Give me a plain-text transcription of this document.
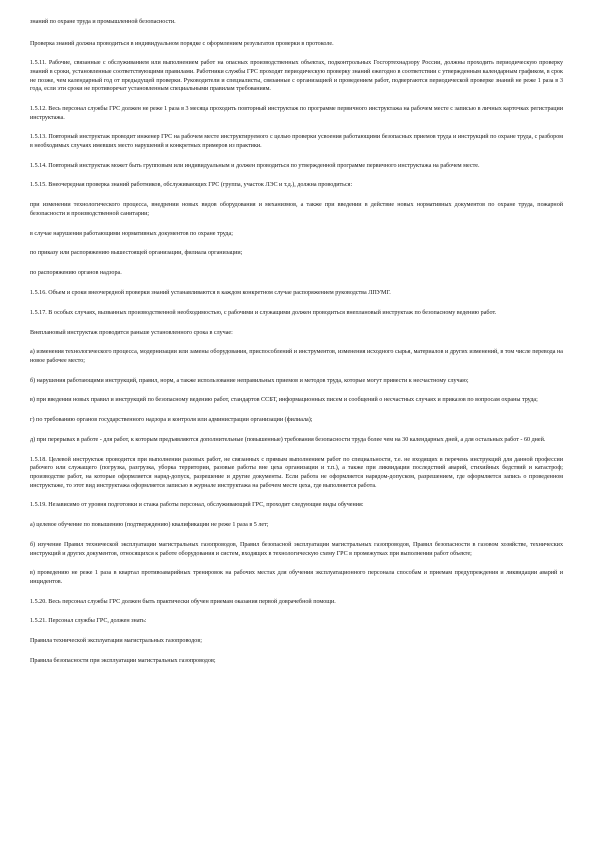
знаний по охране труда и промышленной безопасности.

Проверка знаний должна проводиться в индивидуальном порядке с оформлением результатов проверки в протоколе.

1.5.11. Рабочие, связанные с обслуживанием или выполнением работ на опасных производственных объектах, подконтрольных Госгортехнадзору России, должны проходить периодическую проверку знаний в сроки, установленные соответствующими правилами. Работники службы ГРС проходят периодическую проверку знаний ежегодно в соответствии с утвержденным календарным графиком, в срок не позже, чем календарный год от предыдущей проверки. Руководители и специалисты, связанные с организацией и проведением работ, подвергаются периодической проверке знаний не реже 1 раза в 3 года, если эти сроки не противоречат установленным специальными правилам требованиям.

1.5.12. Весь персонал службы ГРС должен не реже 1 раза в 3 месяца проходить повторный инструктаж по программе первичного инструктажа на рабочем месте с записью в личных карточках регистрации инструктажа.

1.5.13. Повторный инструктаж проводит инженер ГРС на рабочем месте инструктируемого с целью проверки усвоения работающими безопасных приемов труда и инструкций по охране труда, с разбором в необходимых случаях имевших место нарушений и конкретных примеров из практики.

1.5.14. Повторный инструктаж может быть групповым или индивидуальным и должен проводиться по утвержденной программе первичного инструктажа на рабочем месте.

1.5.15. Внеочередная проверка знаний работников, обслуживающих ГРС (группа, участок ЛЭС и т.д.), должна проводиться:

при изменении технологического процесса, внедрении новых видов оборудования и механизмов, а также при введении в действие новых нормативных документов по охране труда, пожарной безопасности и производственной санитарии;

в случае нарушения работающими нормативных документов по охране труда;

по приказу или распоряжению вышестоящей организации, филиала организации;

по распоряжению органов надзора.

1.5.16. Объем и сроки внеочередной проверки знаний устанавливаются в каждом конкретном случае распоряжением руководства ЛПУМГ.

1.5.17. В особых случаях, вызванных производственной необходимостью, с рабочими и служащими должен проводиться внеплановый инструктаж по безопасному ведению работ.

Внеплановый инструктаж проводится раньше установленного срока в случае:

а) изменения технологического процесса, модернизации или замены оборудования, приспособлений и инструментов, изменения исходного сырья, материалов и других изменений, в том числе перевода на новое рабочее место;

б) нарушения работающими инструкций, правил, норм, а также использование неправильных приемов и методов труда, которые могут привести к несчастному случаю;

в) при введении новых правил и инструкций по безопасному ведению работ, стандартов ССБТ, информационных писем и сообщений о несчастных случаях и приказов по вопросам охраны труда;

г) по требованию органов государственного надзора и контроля или администрации организации (филиала);

д) при перерывах в работе - для работ, к которым предъявляются дополнительные (повышенные) требования безопасности труда более чем на 30 календарных дней, а для остальных работ - 60 дней.

1.5.18. Целевой инструктаж проводится при выполнении разовых работ, не связанных с прямым выполнением работ по специальности, т.е. не входящих в перечень инструкций для данной профессии рабочего или служащего (погрузка, разгрузка, уборка территории, разовые работы вне цеха организации и т.п.), а также при ликвидации последствий аварий, стихийных бедствий и катастроф; производстве работ, на которые оформляется наряд-допуск, разрешение и другие документы. Если работа не оформляется нарядом-допуском, разрешением, где оформляется запись о проведенном инструктаже, то этот вид инструктажа оформляется записью в журнале инструктажа на рабочем месте цеха, где выполняется работа.

1.5.19. Независимо от уровня подготовки и стажа работы персонал, обслуживающий ГРС, проходит следующие виды обучения:

а) целевое обучение по повышению (подтверждению) квалификации не реже 1 раза в 5 лет;

б) изучение Правил технической эксплуатации магистральных газопроводов, Правил безопасной эксплуатации магистральных газопроводов, Правил безопасности в газовом хозяйстве, технических инструкций и других документов, относящихся к работе оборудования и систем, входящих в технологическую схему ГРС в промежутках при выполнении работ объекте;

в) проведению не реже 1 раза в квартал противоаварийных тренировок на рабочих местах для обучения эксплуатационного персонала способам и приемам предупреждения и ликвидации аварий и инцидентов.

1.5.20. Весь персонал службы ГРС должен быть практически обучен приемам оказания первой доврачебной помощи.

1.5.21. Персонал службы ГРС, должен знать:

Правила технической эксплуатации магистральных газопроводов;

Правила безопасности при эксплуатации магистральных газопроводов;
